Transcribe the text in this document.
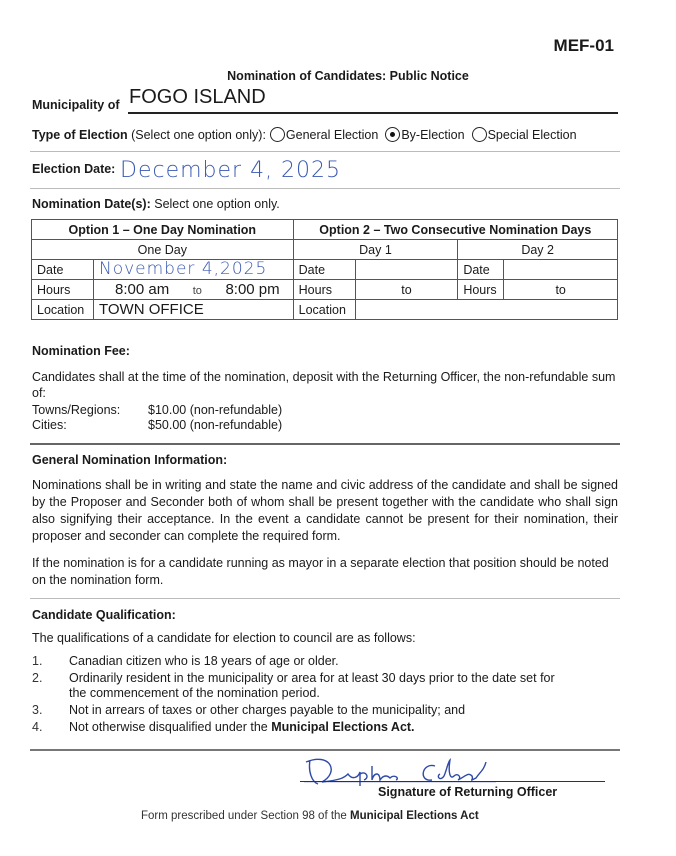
MEF-01
Nomination of Candidates: Public Notice
Municipality of FOGO ISLAND
Type of Election
(Select one option only): General Election By-Election Special Election
Election Date: December 4, 2025
Nomination Date(s): Select one option only.
Option 1 – One Day Nomination		Option 2 – Two Consecutive Nomination Days			
One Day		Day 1		Day 2	
Date	November 4,2025	Date		Date	
Hours	8:00 am to 8:00 pm	Hours	to	Hours	to
Location	TOWN OFFICE	Location			
Nomination Fee:
Candidates shall at the time of the nomination, deposit with the Returning Officer, the non-refundable sum of:
Towns/Regions:	$10.00 (non-refundable)
Cities:	$50.00 (non-refundable)
General Nomination Information:
Nominations shall be in writing and state the name and civic address of the candidate and shall be signed by the Proposer and Seconder both of whom shall be present together with the candidate who shall sign also signifying their acceptance. In the event a candidate cannot be present for their nomination, their proposer and seconder can complete the required form.
If the nomination is for a candidate running as mayor in a separate election that position should be noted on the nomination form.
Candidate Qualification:
The qualifications of a candidate for election to council are as follows:
1.	Canadian citizen who is 18 years of age or older.
2.	Ordinarily resident in the municipality or area for at least 30 days prior to the date set for the commencement of the nomination period.
3.	Not in arrears of taxes or other charges payable to the municipality; and
4.	Not otherwise disqualified under the Municipal Elections Act.
Signature of Returning Officer
Form prescribed under Section 98 of the Municipal Elections Act
